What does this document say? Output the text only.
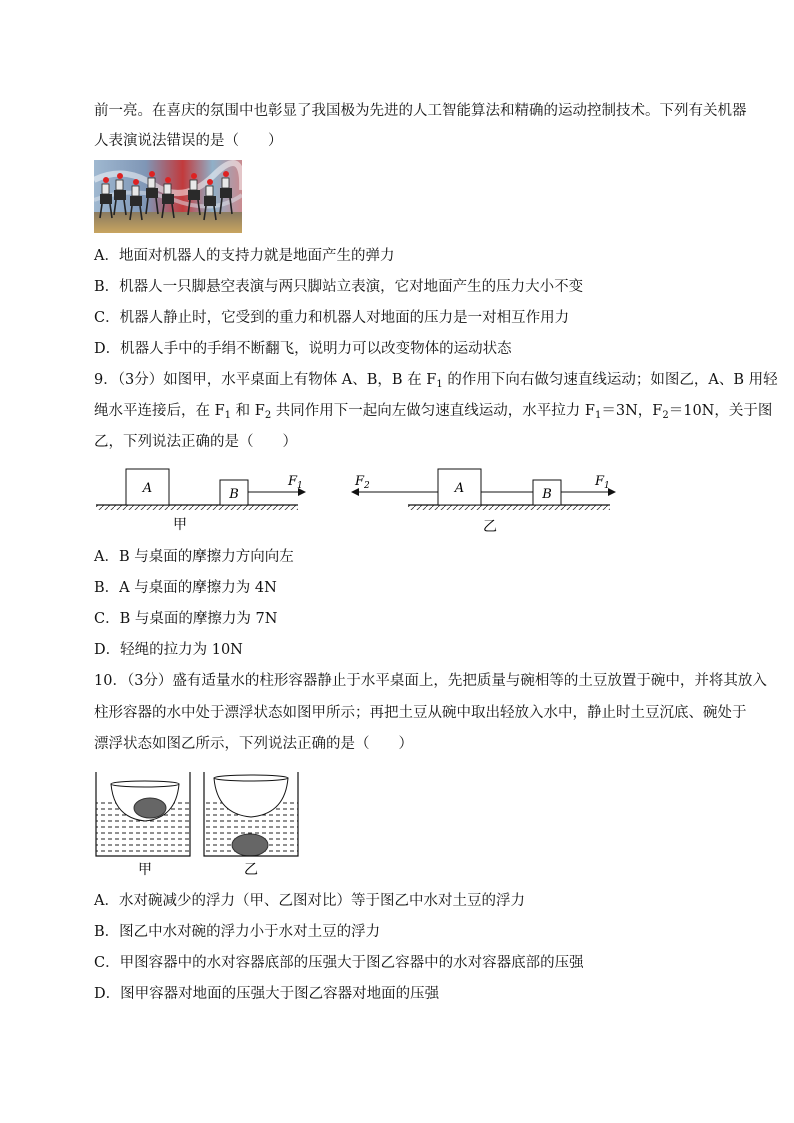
前一亮。在喜庆的氛围中也彰显了我国极为先进的人工智能算法和精确的运动控制技术。下列有关机器
人表演说法错误的是（　　）
A．地面对机器人的支持力就是地面产生的弹力
B．机器人一只脚悬空表演与两只脚站立表演，它对地面产生的压力大小不变
C．机器人静止时，它受到的重力和机器人对地面的压力是一对相互作用力
D．机器人手中的手绢不断翻飞，说明力可以改变物体的运动状态
9．（3分）如图甲，水平桌面上有物体 A、B，B 在 $F_1$ 的作用下向右做匀速直线运动；如图乙，A、B 用轻
绳水平连接后，在 $F_1$ 和 $F_2$ 共同作用下一起向左做匀速直线运动，水平拉力 $F_1=3N$，$F_2=10N$，关于图
乙，下列说法正确的是（　　）
A	B
$F_1$
甲
A	B
$F_2$	$F_1$
乙
A．B 与桌面的摩擦力方向向左
B．A 与桌面的摩擦力为 4N
C．B 与桌面的摩擦力为 7N
D．轻绳的拉力为 10N
10．（3分）盛有适量水的柱形容器静止于水平桌面上，先把质量与碗相等的土豆放置于碗中，并将其放入
柱形容器的水中处于漂浮状态如图甲所示；再把土豆从碗中取出轻放入水中，静止时土豆沉底、碗处于
漂浮状态如图乙所示，下列说法正确的是（　　）
甲	乙
A．水对碗减少的浮力（甲、乙图对比）等于图乙中水对土豆的浮力
B．图乙中水对碗的浮力小于水对土豆的浮力
C．甲图容器中的水对容器底部的压强大于图乙容器中的水对容器底部的压强
D．图甲容器对地面的压强大于图乙容器对地面的压强
